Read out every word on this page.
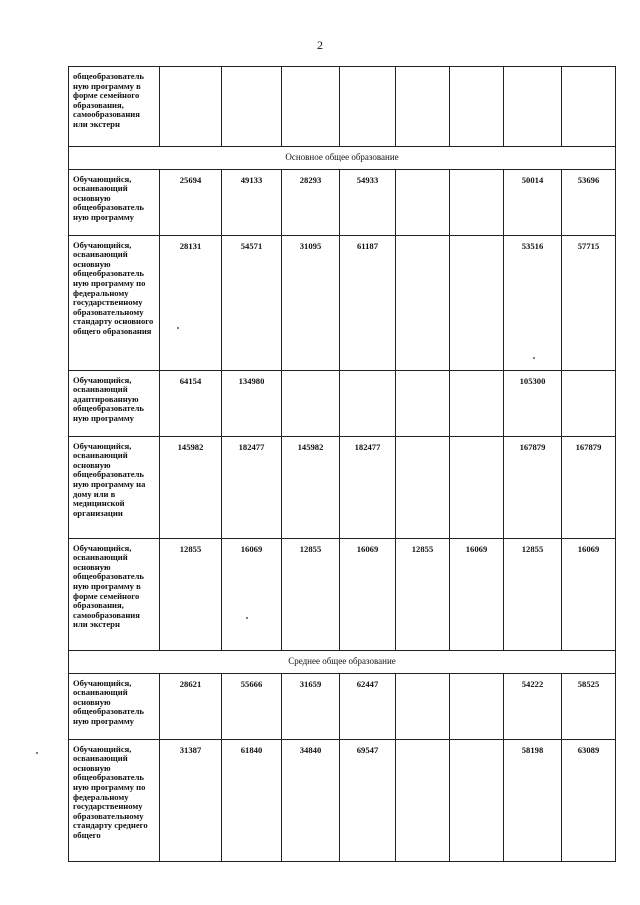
2
общеобразователь ную программу в форме семейного образования, самообразования или экстерн								
Основное общее образование								
Обучающийся, осваивающий основную общеобразователь ную программу	25694	49133	28293	54933			50014	53696
Обучающийся, осваивающий основную общеобразователь ную программу по федеральному государственному образовательному стандарту основного общего образования	28131	54571	31095	61187			53516	57715
Обучающийся, осваивающий адаптированную общеобразователь ную программу	64154	134980					105300	
Обучающийся, осваивающий основную общеобразователь ную программу на дому или в медицинской организации	145982	182477	145982	182477			167879	167879
Обучающийся, осваивающий основную общеобразователь ную программу в форме семейного образования, самообразования или экстерн	12855	16069	12855	16069	12855	16069	12855	16069
Среднее общее образование								
Обучающийся, осваивающий основную общеобразователь ную программу	28621	55666	31659	62447			54222	58525
Обучающийся, осваивающий основную общеобразователь ную программу по федеральному государственному образовательному стандарту среднего общего	31387	61840	34840	69547			58198	63089
